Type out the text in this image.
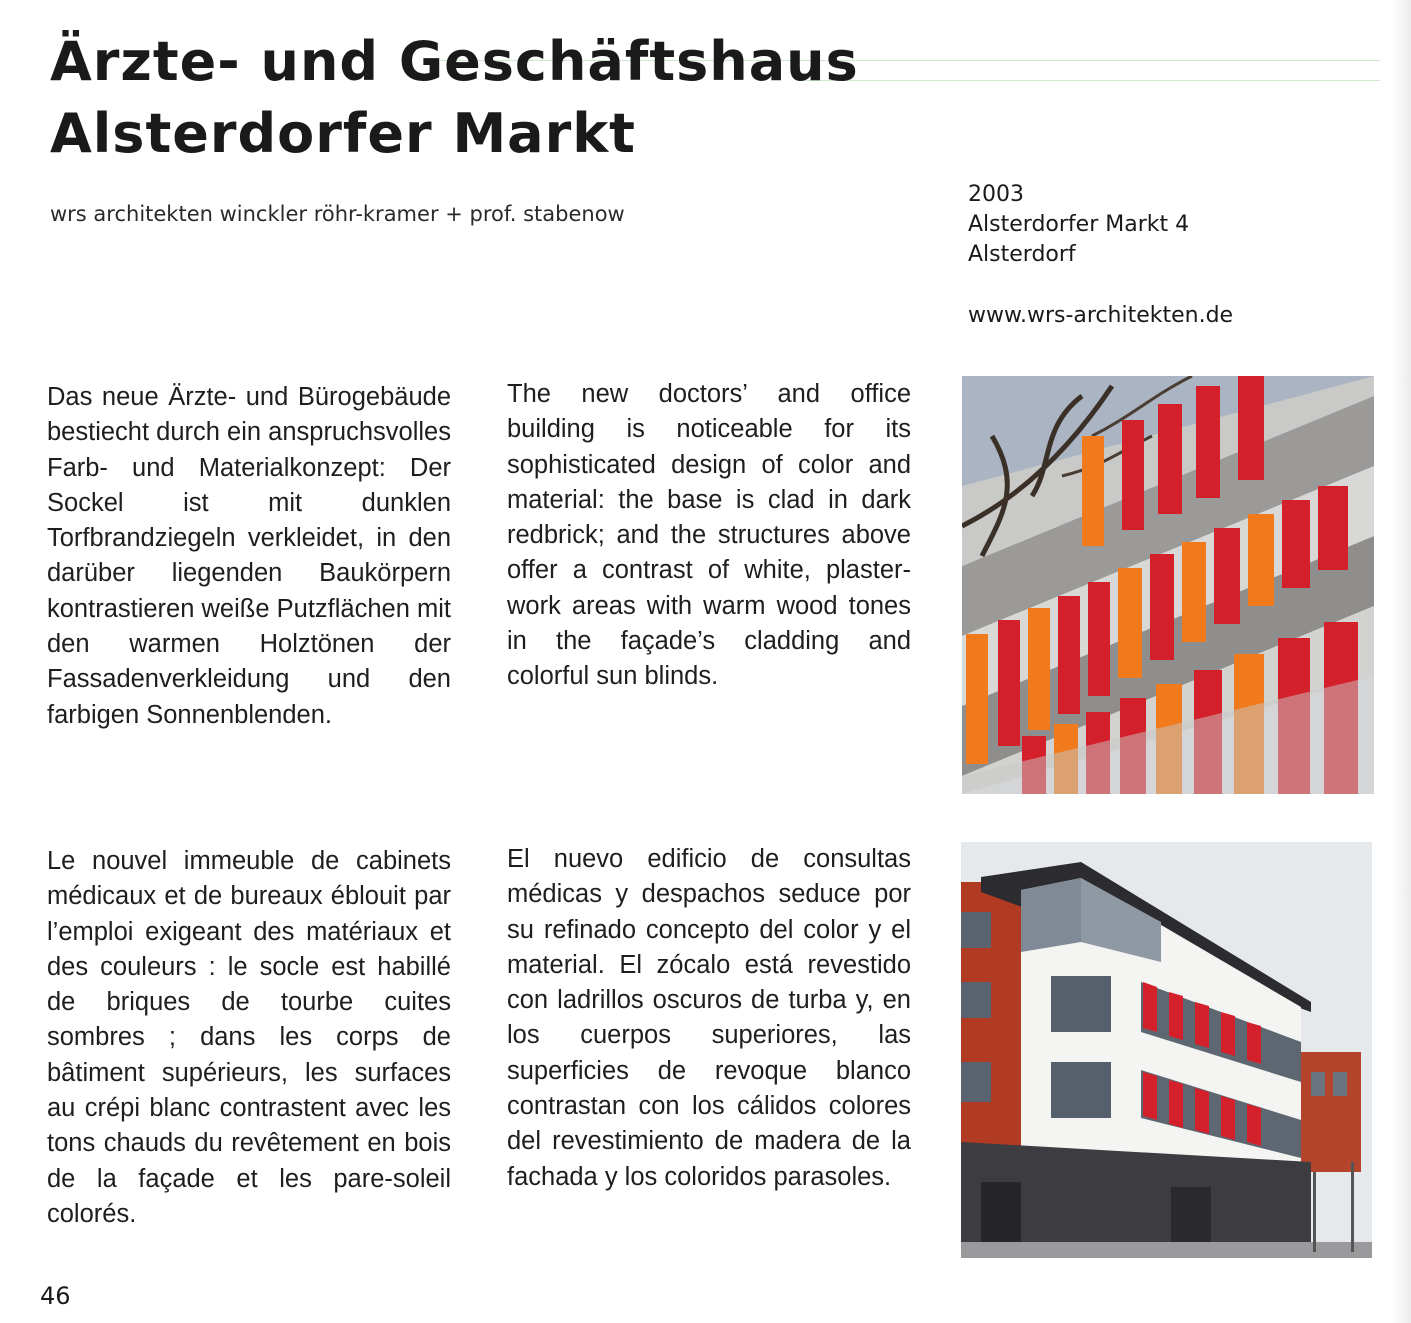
Ärzte- und Geschäftshaus
Alsterdorfer Markt
wrs architekten winckler röhr-kramer + prof. stabenow
2003
Alsterdorfer Markt 4
Alsterdorf
www.wrs-architekten.de

Das neue Ärzte- und Bürogebäude bestiecht durch ein anspruchsvolles Farb- und Materialkonzept: Der Sockel ist mit dunklen Torfbrandziegeln verkleidet, in den darüber liegenden Baukörpern kontrastieren weiße Putzflächen mit den warmen Holztönen der Fassadenverkleidung und den farbigen Sonnenblenden.

The new doctors’ and office building is noticeable for its sophisticated design of color and material: the base is clad in dark redbrick; and the structures above offer a contrast of white, plaster-work areas with warm wood tones in the façade’s cladding and colorful sun blinds.

Le nouvel immeuble de cabinets médicaux et de bureaux éblouit par l’emploi exigeant des matériaux et des couleurs : le socle est habillé de briques de tourbe cuites sombres ; dans les corps de bâtiment supérieurs, les surfaces au crépi blanc contrastent avec les tons chauds du revêtement en bois de la façade et les pare-soleil colorés.

El nuevo edificio de consultas médicas y despachos seduce por su refinado concepto del color y el material. El zócalo está revestido con ladrillos oscuros de turba y, en los cuerpos superiores, las superficies de revoque blanco contrastan con los cálidos colores del revestimiento de madera de la fachada y los coloridos parasoles.

46
